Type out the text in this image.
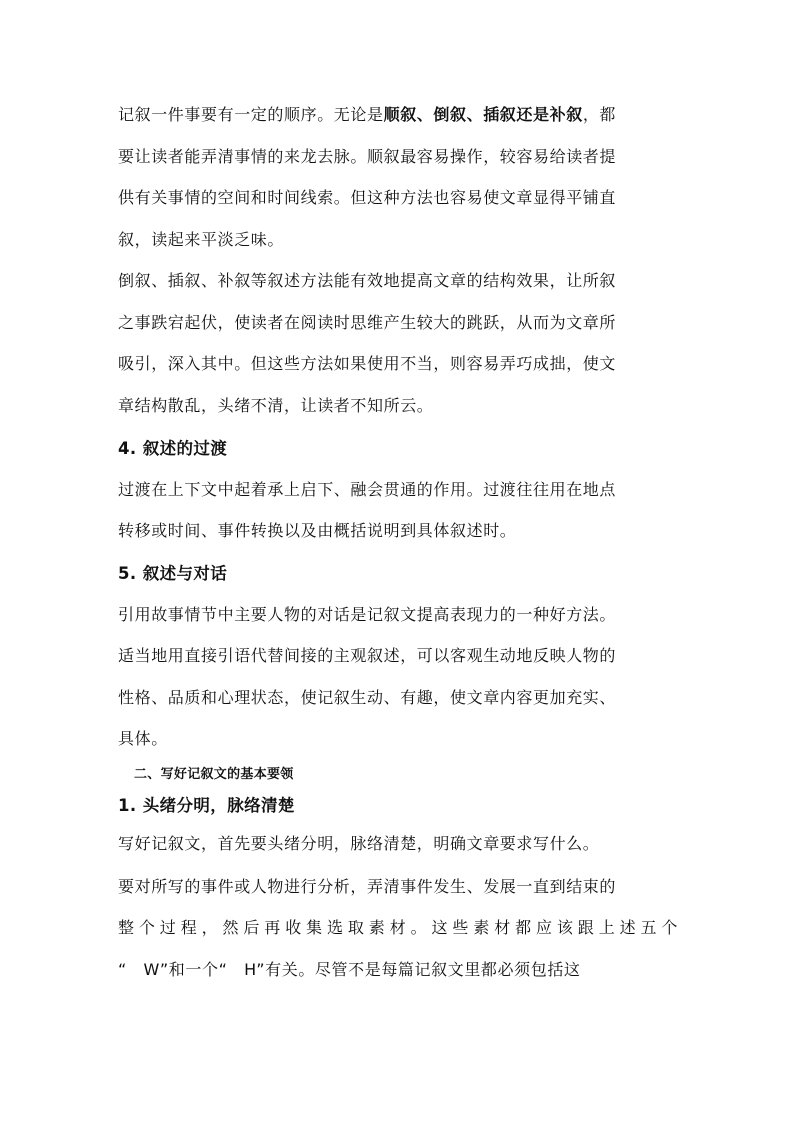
记叙一件事要有一定的顺序。无论是顺叙、倒叙、插叙还是补叙，都
要让读者能弄清事情的来龙去脉。顺叙最容易操作，较容易给读者提
供有关事情的空间和时间线索。但这种方法也容易使文章显得平铺直
叙，读起来平淡乏味。
倒叙、插叙、补叙等叙述方法能有效地提高文章的结构效果，让所叙
之事跌宕起伏，使读者在阅读时思维产生较大的跳跃，从而为文章所
吸引，深入其中。但这些方法如果使用不当，则容易弄巧成拙，使文
章结构散乱，头绪不清，让读者不知所云。
4. 叙述的过渡
过渡在上下文中起着承上启下、融会贯通的作用。过渡往往用在地点
转移或时间、事件转换以及由概括说明到具体叙述时。
5. 叙述与对话
引用故事情节中主要人物的对话是记叙文提高表现力的一种好方法。
适当地用直接引语代替间接的主观叙述，可以客观生动地反映人物的
性格、品质和心理状态，使记叙生动、有趣，使文章内容更加充实、
具体。
二、写好记叙文的基本要领
1. 头绪分明，脉络清楚
写好记叙文，首先要头绪分明，脉络清楚，明确文章要求写什么。
要对所写的事件或人物进行分析，弄清事件发生、发展一直到结束的
整个过程，然后再收集选取素材。这些素材都应该跟上述五个
“　W”和一个“　H”有关。尽管不是每篇记叙文里都必须包括这
